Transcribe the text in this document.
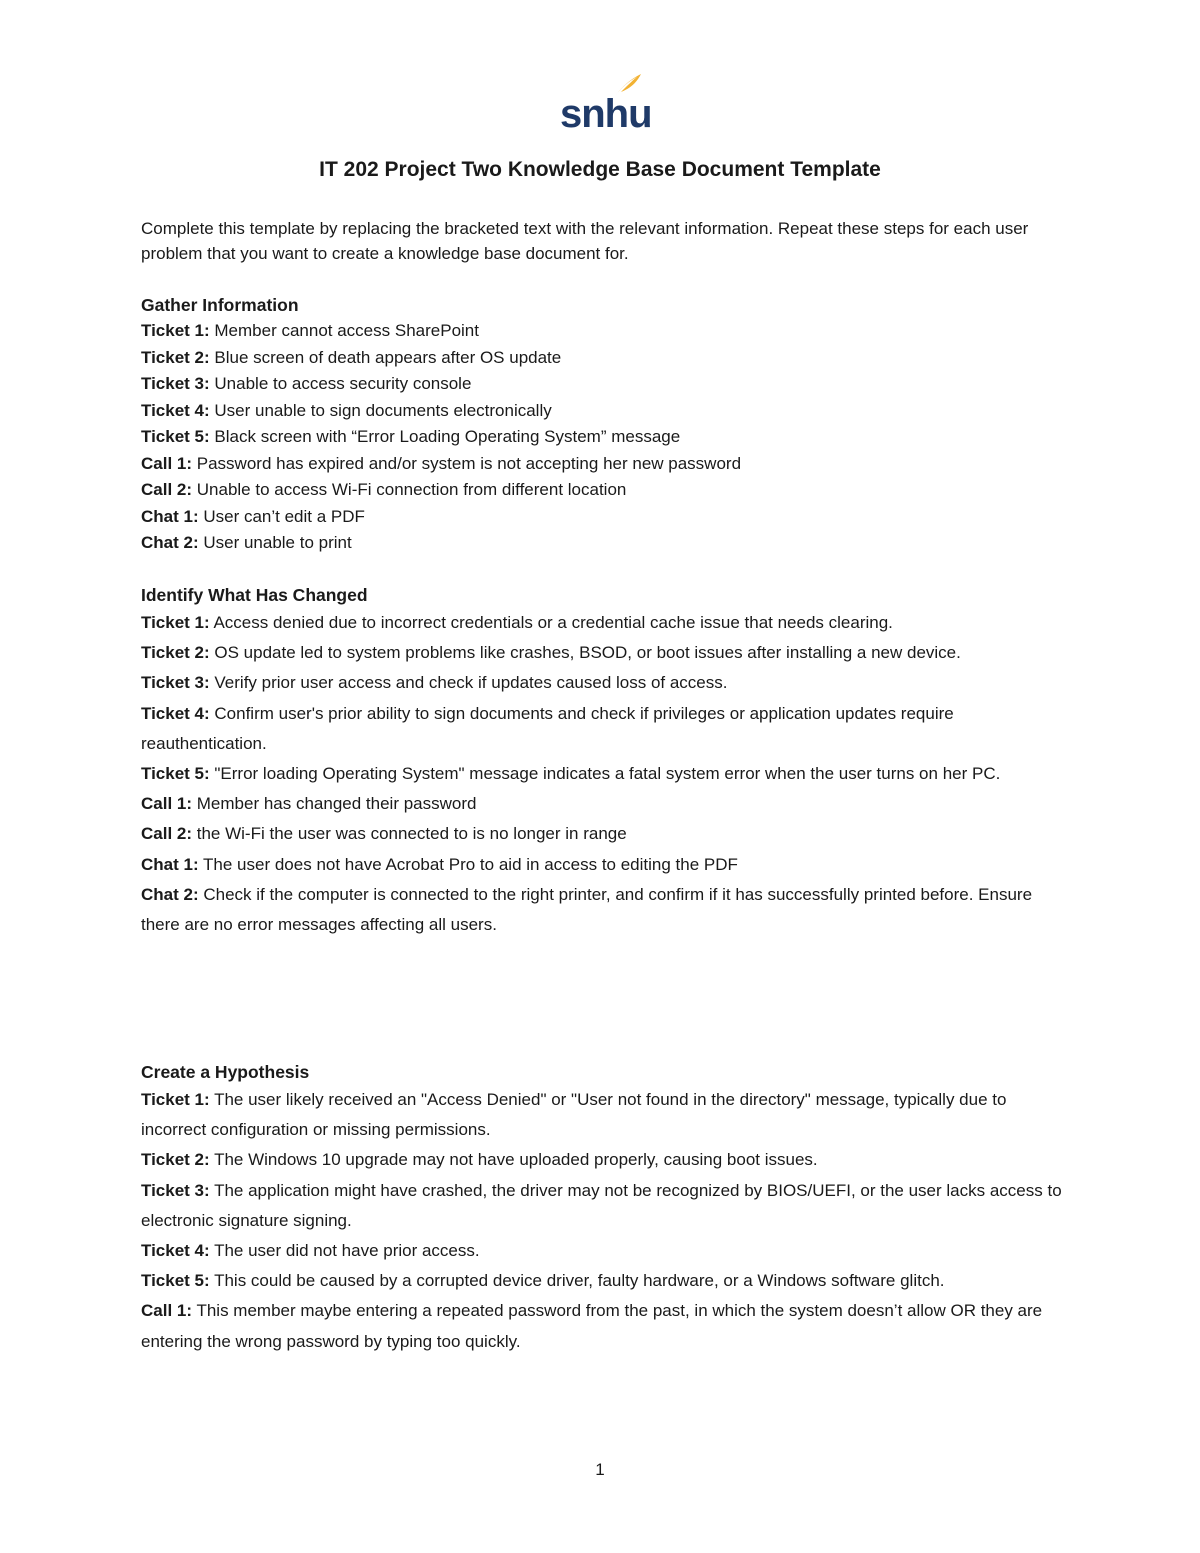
snhu
IT 202 Project Two Knowledge Base Document Template

Complete this template by replacing the bracketed text with the relevant information. Repeat these steps for each user problem that you want to create a knowledge base document for.

Gather Information

Ticket 1: Member cannot access SharePoint

Ticket 2: Blue screen of death appears after OS update

Ticket 3: Unable to access security console

Ticket 4: User unable to sign documents electronically

Ticket 5: Black screen with “Error Loading Operating System” message

Call 1: Password has expired and/or system is not accepting her new password

Call 2: Unable to access Wi-Fi connection from different location

Chat 1: User can’t edit a PDF

Chat 2: User unable to print

Identify What Has Changed

Ticket 1: Access denied due to incorrect credentials or a credential cache issue that needs clearing.

Ticket 2: OS update led to system problems like crashes, BSOD, or boot issues after installing a new device.

Ticket 3: Verify prior user access and check if updates caused loss of access.

Ticket 4: Confirm user's prior ability to sign documents and check if privileges or application updates require reauthentication.

Ticket 5: "Error loading Operating System" message indicates a fatal system error when the user turns on her PC.

Call 1: Member has changed their password

Call 2: the Wi-Fi the user was connected to is no longer in range

Chat 1: The user does not have Acrobat Pro to aid in access to editing the PDF

Chat 2: Check if the computer is connected to the right printer, and confirm if it has successfully printed before. Ensure there are no error messages affecting all users.

Create a Hypothesis

Ticket 1: The user likely received an "Access Denied" or "User not found in the directory" message, typically due to incorrect configuration or missing permissions.

Ticket 2: The Windows 10 upgrade may not have uploaded properly, causing boot issues.

Ticket 3: The application might have crashed, the driver may not be recognized by BIOS/UEFI, or the user lacks access to electronic signature signing.

Ticket 4: The user did not have prior access.

Ticket 5: This could be caused by a corrupted device driver, faulty hardware, or a Windows software glitch.

Call 1: This member maybe entering a repeated password from the past, in which the system doesn’t allow OR they are entering the wrong password by typing too quickly.

1
